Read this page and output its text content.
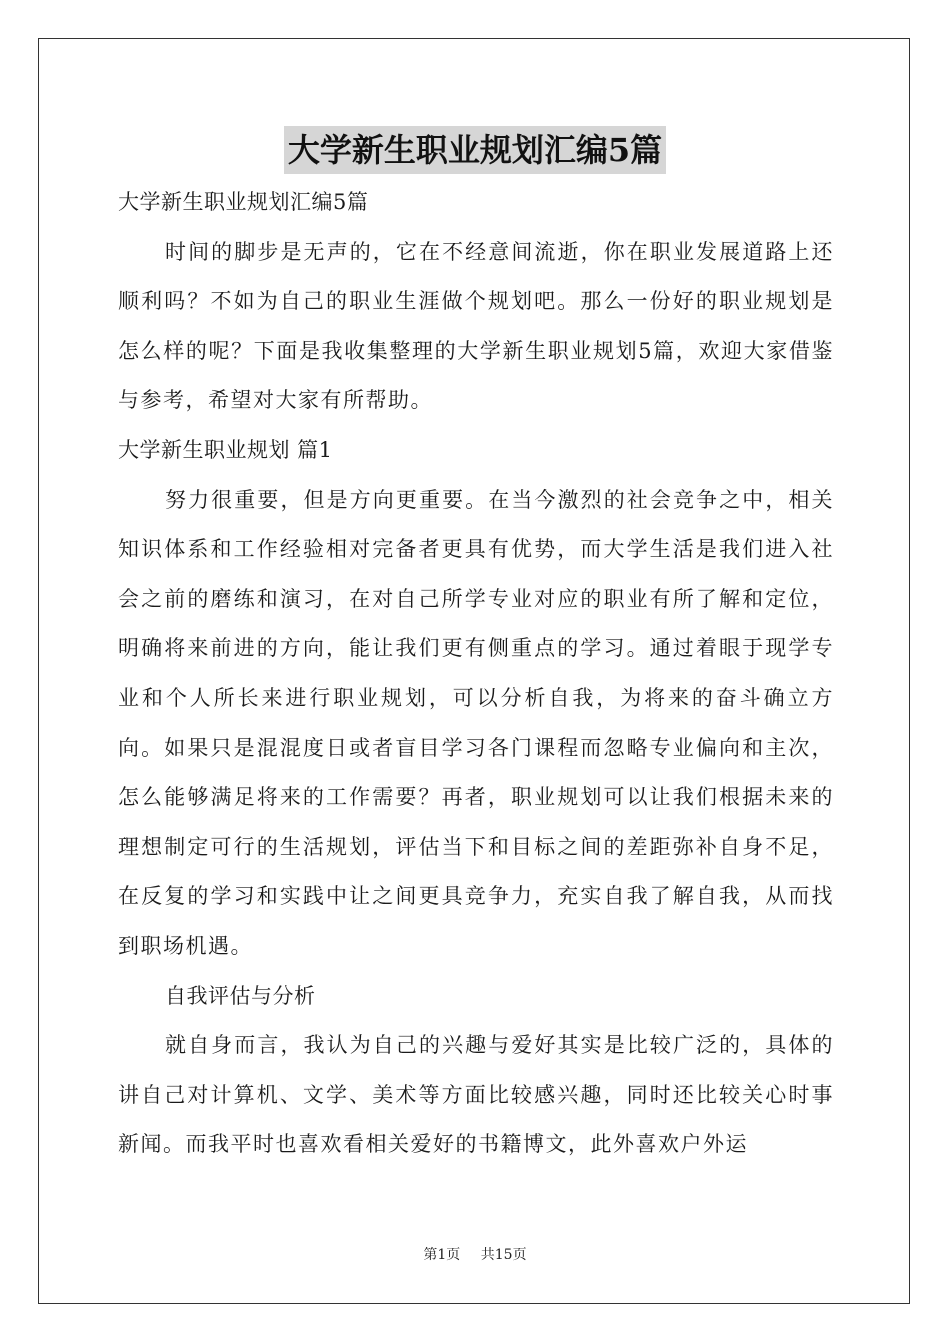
大学新生职业规划汇编5篇

大学新生职业规划汇编5篇

时间的脚步是无声的，它在不经意间流逝，你在职业发展道路上还顺利吗？不如为自己的职业生涯做个规划吧。那么一份好的职业规划是怎么样的呢？下面是我收集整理的大学新生职业规划5篇，欢迎大家借鉴与参考，希望对大家有所帮助。

大学新生职业规划 篇1

努力很重要，但是方向更重要。在当今激烈的社会竞争之中，相关知识体系和工作经验相对完备者更具有优势，而大学生活是我们进入社会之前的磨练和演习，在对自己所学专业对应的职业有所了解和定位，明确将来前进的方向，能让我们更有侧重点的学习。通过着眼于现学专业和个人所长来进行职业规划，可以分析自我，为将来的奋斗确立方向。如果只是混混度日或者盲目学习各门课程而忽略专业偏向和主次，怎么能够满足将来的工作需要？再者，职业规划可以让我们根据未来的理想制定可行的生活规划，评估当下和目标之间的差距弥补自身不足，在反复的学习和实践中让之间更具竞争力，充实自我了解自我，从而找到职场机遇。

自我评估与分析

就自身而言，我认为自己的兴趣与爱好其实是比较广泛的，具体的讲自己对计算机、文学、美术等方面比较感兴趣，同时还比较关心时事新闻。而我平时也喜欢看相关爱好的书籍博文，此外喜欢户外运

第1页 共15页
